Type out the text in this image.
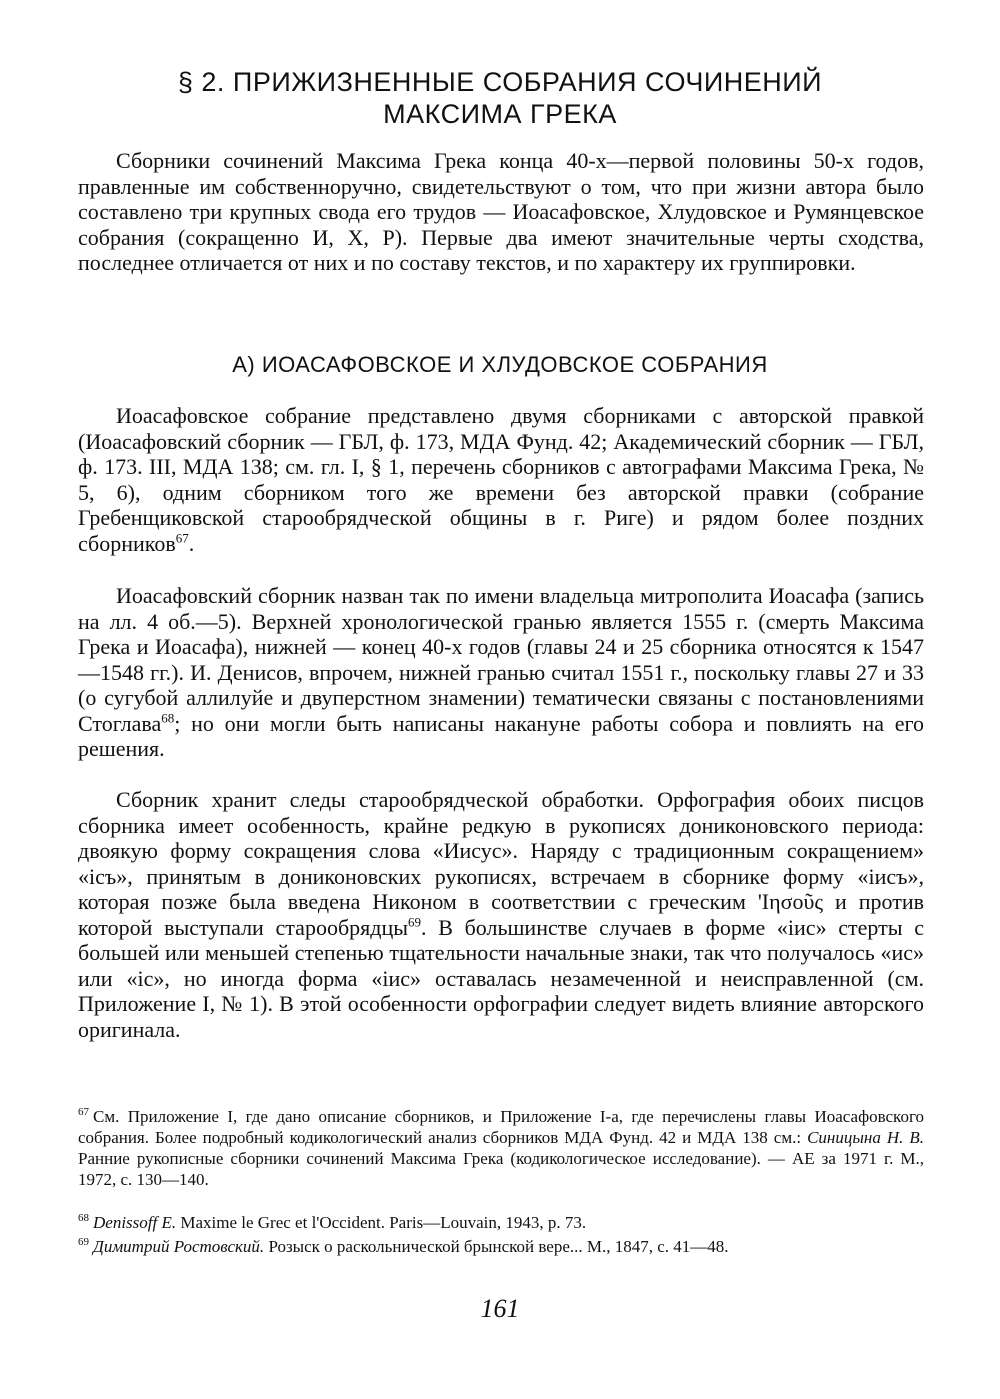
§ 2. ПРИЖИЗНЕННЫЕ СОБРАНИЯ СОЧИНЕНИЙ
МАКСИМА ГРЕКА
Сборники сочинений Максима Грека конца 40-х—первой половины 50-х годов, правленные им собственноручно, свидетельствуют о том, что при жизни автора было составлено три крупных свода его трудов — Иоасафовское, Хлудовское и Румянцевское собрания (сокращенно И, X, Р). Первые два имеют значительные черты сходства, последнее отличается от них и по составу текстов, и по характеру их группировки.
А) ИОАСАФОВСКОЕ И ХЛУДОВСКОЕ СОБРАНИЯ
Иоасафовское собрание представлено двумя сборниками с авторской правкой (Иоасафовский сборник — ГБЛ, ф. 173, МДА Фунд. 42; Академический сборник — ГБЛ, ф. 173. III, МДА 138; см. гл. I, § 1, перечень сборников с автографами Максима Грека, № 5, 6), одним сборником того же времени без авторской правки (собрание Гребенщиковской старообрядческой общины в г. Риге) и рядом более поздних сборников$^{67}$.
Иоасафовский сборник назван так по имени владельца митрополита Иоасафа (запись на лл. 4 об.—5). Верхней хронологической гранью является 1555 г. (смерть Максима Грека и Иоасафа), нижней — конец 40-х годов (главы 24 и 25 сборника относятся к 1547—1548 гг.). И. Денисов, впрочем, нижней гранью считал 1551 г., поскольку главы 27 и 33 (о сугубой аллилуйе и двуперстном знамении) тематически связаны с постановлениями Стоглава$^{68}$; но они могли быть написаны накануне работы собора и повлиять на его решения.
Сборник хранит следы старообрядческой обработки. Орфография обоих писцов сборника имеет особенность, крайне редкую в рукописях дониконовского периода: двоякую форму сокращения слова «Иисус». Наряду с традиционным сокращением» «ісъ», принятым в дониконовских рукописях, встречаем в сборнике форму «іисъ», которая позже была введена Никоном в соответствии с греческим 'Ιησοῦς и против которой выступали старообрядцы$^{69}$. В большинстве случаев в форме «іис» стерты с большей или меньшей степенью тщательности начальные знаки, так что получалось «ис» или «іс», но иногда форма «іис» оставалась незамеченной и неисправленной (см. Приложение I, № 1). В этой особенности орфографии следует видеть влияние авторского оригинала.
$^{67}$ См. Приложение I, где дано описание сборников, и Приложение I-а, где перечислены главы Иоасафовского собрания. Более подробный кодикологический анализ сборников МДА Фунд. 42 и МДА 138 см.: Синицына Н. В. Ранние рукописные сборники сочинений Максима Грека (кодикологическое исследование). — АЕ за 1971 г. М., 1972, с. 130—140.
$^{68}$ Denissoff E. Maxime le Grec et l'Occident. Paris—Louvain, 1943, p. 73.
$^{69}$ Димитрий Ростовский. Розыск о раскольнической брынской вере... М., 1847, с. 41—48.
161
